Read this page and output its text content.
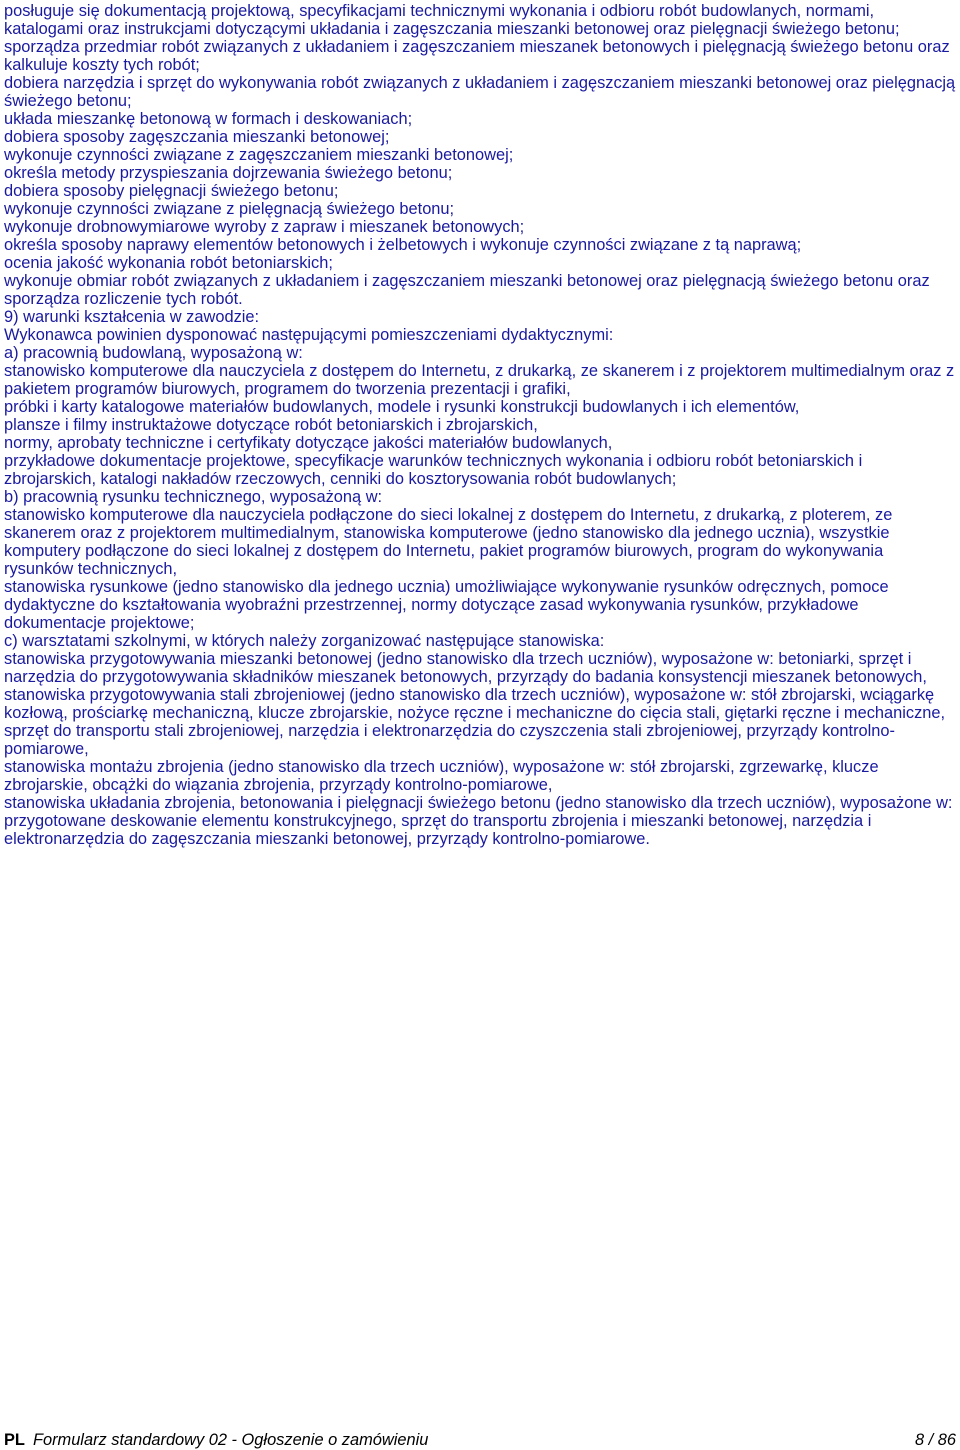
posługuje się dokumentacją projektową, specyfikacjami technicznymi wykonania i odbioru robót budowlanych, normami, katalogami oraz instrukcjami dotyczącymi układania i zagęszczania mieszanki betonowej oraz pielęgnacji świeżego betonu;

sporządza przedmiar robót związanych z układaniem i zagęszczaniem mieszanek betonowych i pielęgnacją świeżego betonu oraz kalkuluje koszty tych robót;

dobiera narzędzia i sprzęt do wykonywania robót związanych z układaniem i zagęszczaniem mieszanki betonowej oraz pielęgnacją świeżego betonu;

układa mieszankę betonową w formach i deskowaniach;

dobiera sposoby zagęszczania mieszanki betonowej;

wykonuje czynności związane z zagęszczaniem mieszanki betonowej;

określa metody przyspieszania dojrzewania świeżego betonu;

dobiera sposoby pielęgnacji świeżego betonu;

wykonuje czynności związane z pielęgnacją świeżego betonu;

wykonuje drobnowymiarowe wyroby z zapraw i mieszanek betonowych;

określa sposoby naprawy elementów betonowych i żelbetowych i wykonuje czynności związane z tą naprawą;

ocenia jakość wykonania robót betoniarskich;

wykonuje obmiar robót związanych z układaniem i zagęszczaniem mieszanki betonowej oraz pielęgnacją świeżego betonu oraz sporządza rozliczenie tych robót.

9) warunki kształcenia w zawodzie:

Wykonawca powinien dysponować następującymi pomieszczeniami dydaktycznymi:

a) pracownią budowlaną, wyposażoną w:

stanowisko komputerowe dla nauczyciela z dostępem do Internetu, z drukarką, ze skanerem i z projektorem multimedialnym oraz z pakietem programów biurowych, programem do tworzenia prezentacji i grafiki,

próbki i karty katalogowe materiałów budowlanych, modele i rysunki konstrukcji budowlanych i ich elementów,

plansze i filmy instruktażowe dotyczące robót betoniarskich i zbrojarskich,

normy, aprobaty techniczne i certyfikaty dotyczące jakości materiałów budowlanych,

przykładowe dokumentacje projektowe, specyfikacje warunków technicznych wykonania i odbioru robót betoniarskich i zbrojarskich, katalogi nakładów rzeczowych, cenniki do kosztorysowania robót budowlanych;

b) pracownią rysunku technicznego, wyposażoną w:

stanowisko komputerowe dla nauczyciela podłączone do sieci lokalnej z dostępem do Internetu, z drukarką, z ploterem, ze skanerem oraz z projektorem multimedialnym, stanowiska komputerowe (jedno stanowisko dla jednego ucznia), wszystkie komputery podłączone do sieci lokalnej z dostępem do Internetu, pakiet programów biurowych, program do wykonywania rysunków technicznych,

stanowiska rysunkowe (jedno stanowisko dla jednego ucznia) umożliwiające wykonywanie rysunków odręcznych, pomoce dydaktyczne do kształtowania wyobraźni przestrzennej, normy dotyczące zasad wykonywania rysunków, przykładowe dokumentacje projektowe;

c) warsztatami szkolnymi, w których należy zorganizować następujące stanowiska:

stanowiska przygotowywania mieszanki betonowej (jedno stanowisko dla trzech uczniów), wyposażone w: betoniarki, sprzęt i narzędzia do przygotowywania składników mieszanek betonowych, przyrządy do badania konsystencji mieszanek betonowych,

stanowiska przygotowywania stali zbrojeniowej (jedno stanowisko dla trzech uczniów), wyposażone w: stół zbrojarski, wciągarkę kozłową, prościarkę mechaniczną, klucze zbrojarskie, nożyce ręczne i mechaniczne do cięcia stali, giętarki ręczne i mechaniczne, sprzęt do transportu stali zbrojeniowej, narzędzia i elektronarzędzia do czyszczenia stali zbrojeniowej, przyrządy kontrolno-pomiarowe,

stanowiska montażu zbrojenia (jedno stanowisko dla trzech uczniów), wyposażone w: stół zbrojarski, zgrzewarkę, klucze zbrojarskie, obcążki do wiązania zbrojenia, przyrządy kontrolno-pomiarowe,

stanowiska układania zbrojenia, betonowania i pielęgnacji świeżego betonu (jedno stanowisko dla trzech uczniów), wyposażone w: przygotowane deskowanie elementu konstrukcyjnego, sprzęt do transportu zbrojenia i mieszanki betonowej, narzędzia i elektronarzędzia do zagęszczania mieszanki betonowej, przyrządy kontrolno-pomiarowe.

PL Formularz standardowy 02 - Ogłoszenie o zamówieniu	8 / 86
